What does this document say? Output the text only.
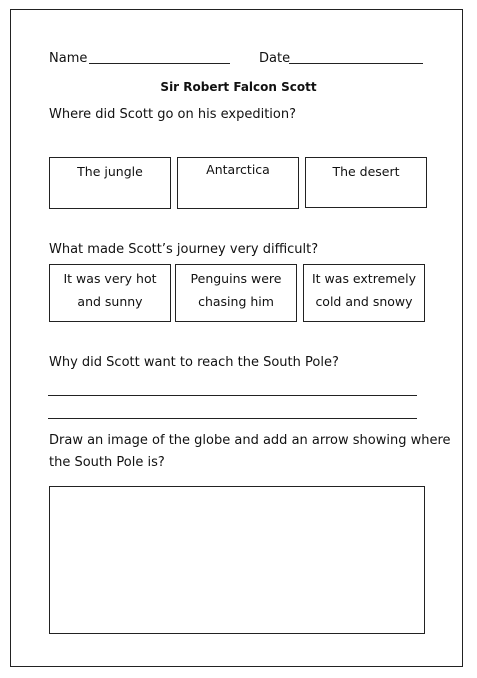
Name	Date
Sir Robert Falcon Scott
Where did Scott go on his expedition?
The jungle	Antarctica	The desert
What made Scott’s journey very difficult?
It was very hot
and sunny
Penguins were
chasing him
It was extremely
cold and snowy
Why did Scott want to reach the South Pole?
Draw an image of the globe and add an arrow showing where
the South Pole is?
